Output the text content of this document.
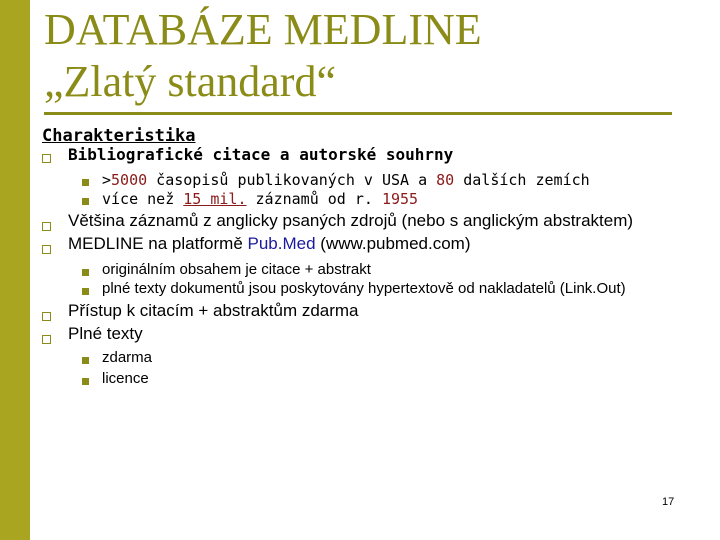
DATABÁZE MEDLINE
„Zlatý standard“
Charakteristika
Bibliografické citace a autorské souhrny
>5000 časopisů publikovaných v USA a 80 dalších zemích
více než 15 mil. záznamů od r. 1955
Většina záznamů z anglicky psaných zdrojů (nebo s anglickým abstraktem)
MEDLINE na platformě Pub.Med (www.pubmed.com)
originálním obsahem je citace + abstrakt
plné texty dokumentů jsou poskytovány hypertextově od nakladatelů (Link.Out)
Přístup k citacím + abstraktům zdarma
Plné texty
zdarma
licence
17
